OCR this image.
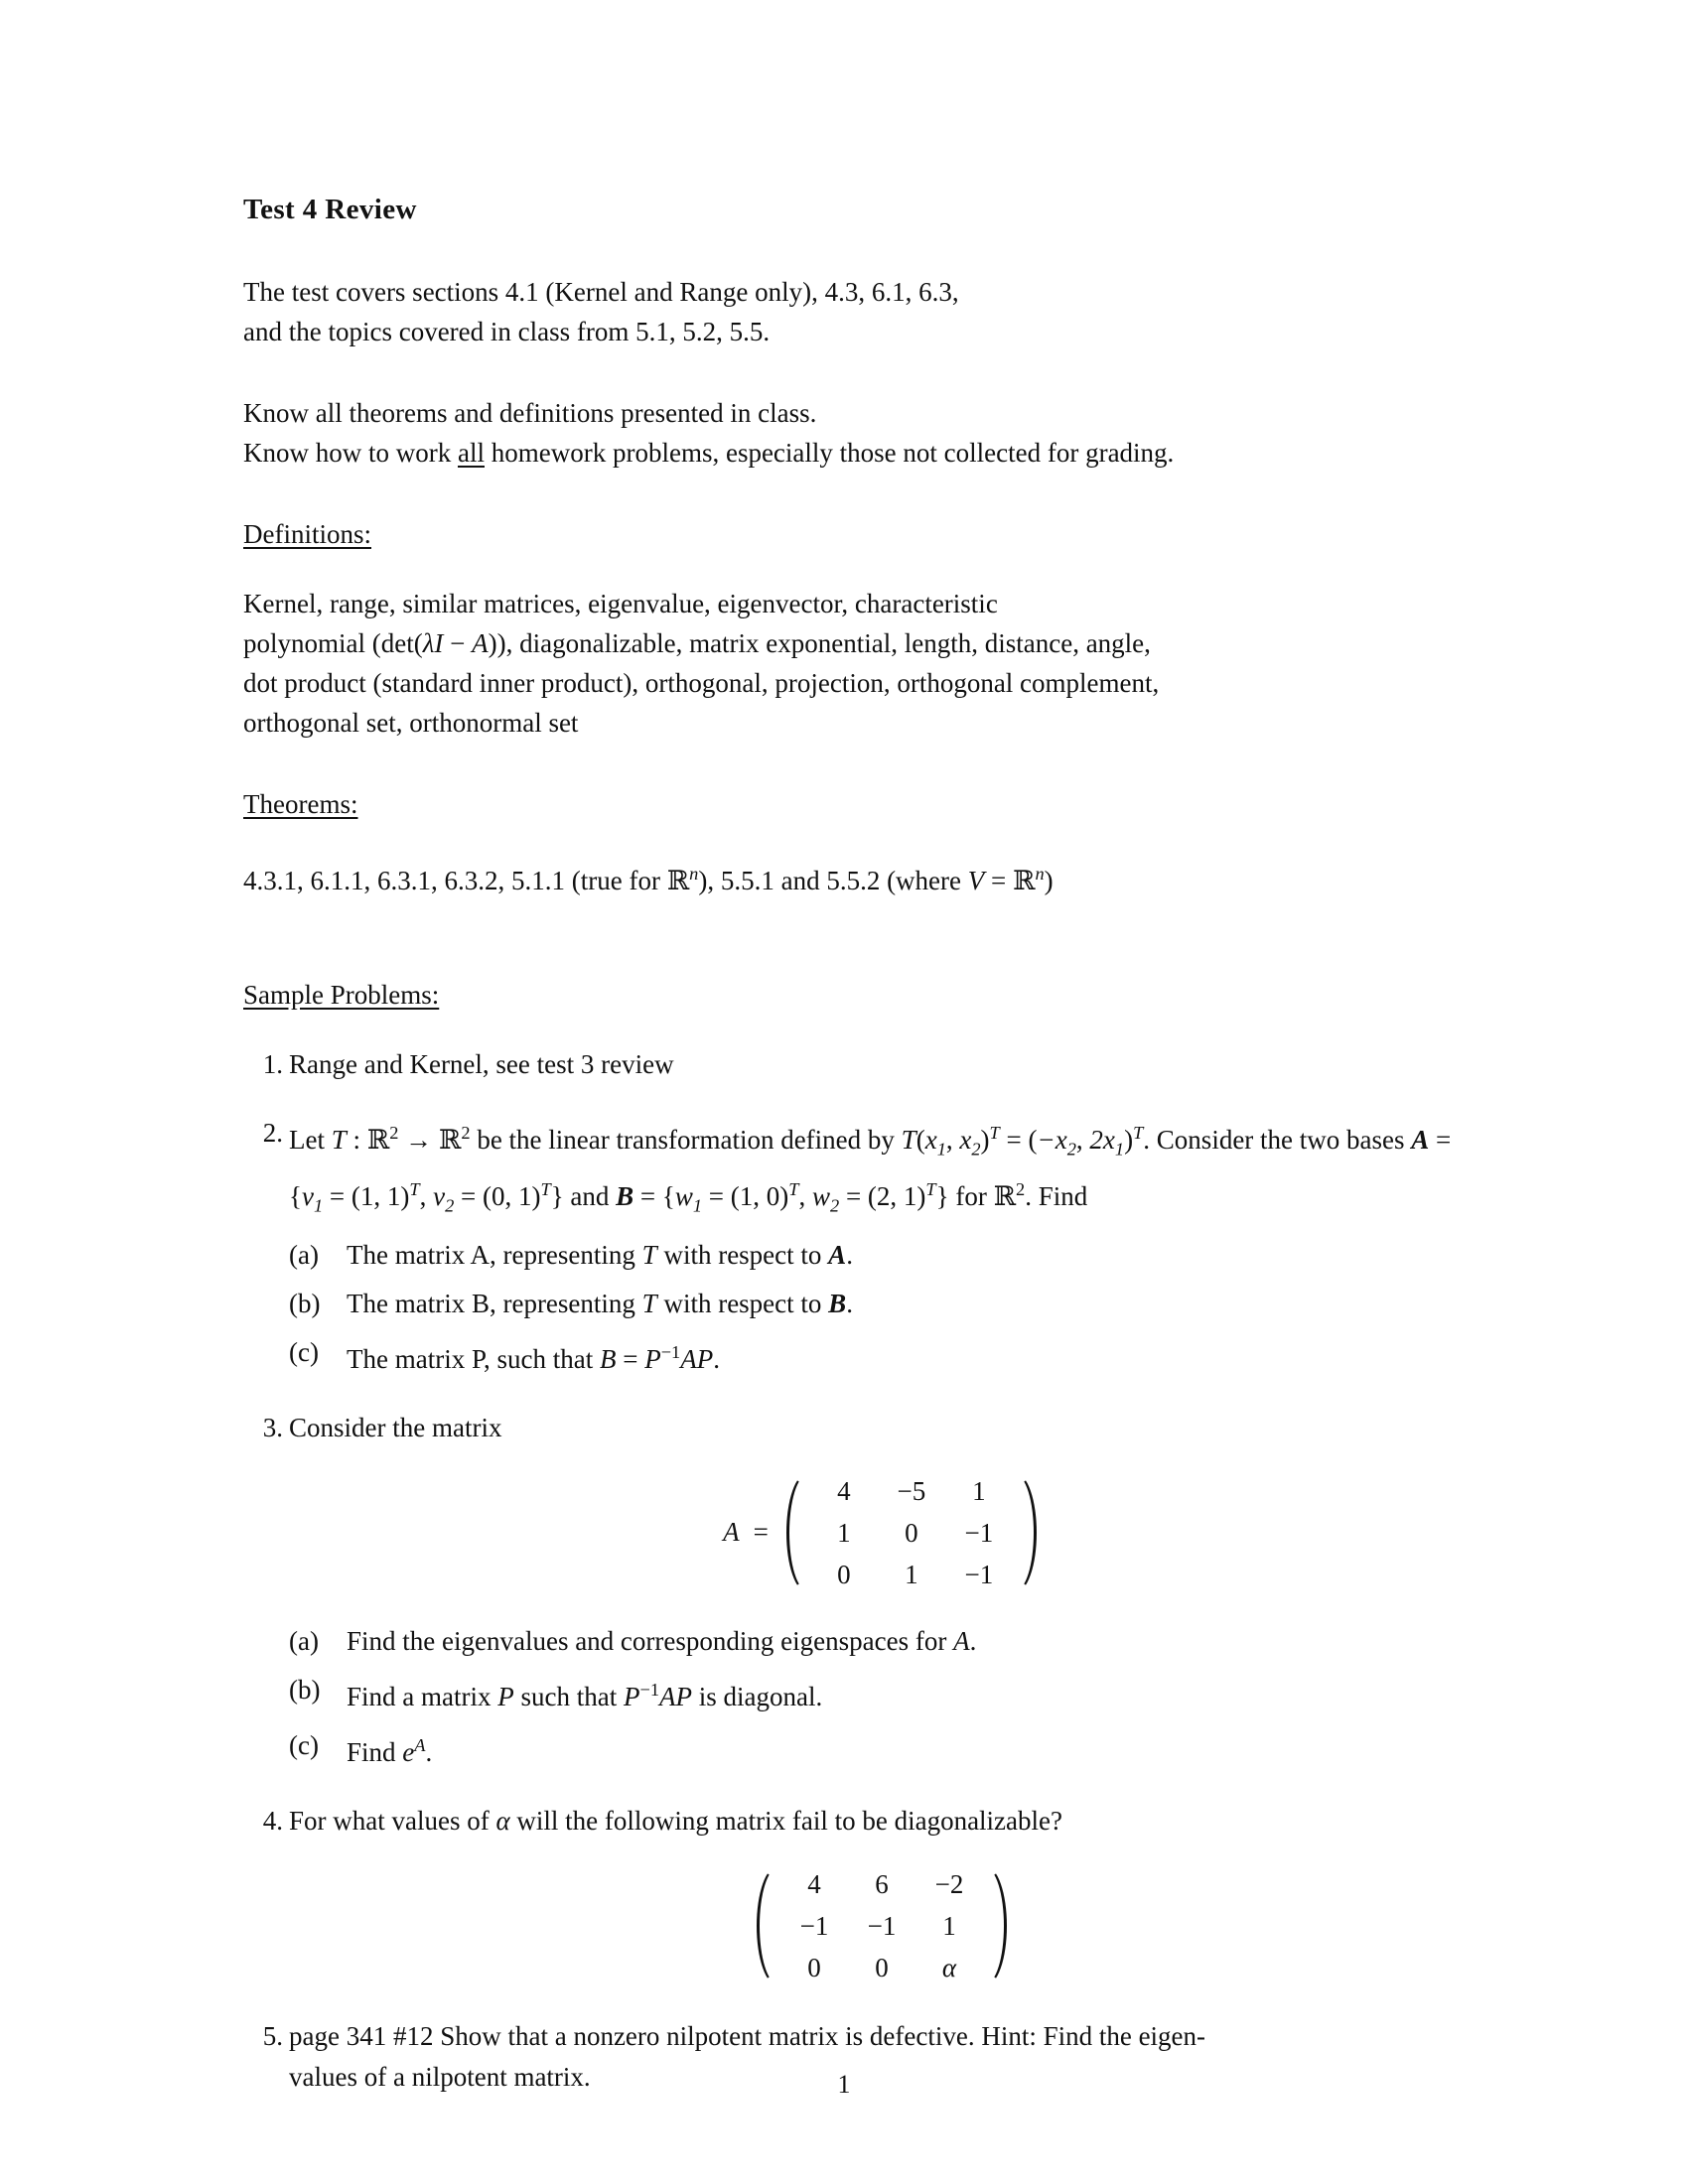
Test 4 Review

The test covers sections 4.1 (Kernel and Range only), 4.3, 6.1, 6.3,
and the topics covered in class from 5.1, 5.2, 5.5.

Know all theorems and definitions presented in class.
Know how to work all homework problems, especially those not collected for grading.

Definitions:

Kernel, range, similar matrices, eigenvalue, eigenvector, characteristic
polynomial (det(λI − A)), diagonalizable, matrix exponential, length, distance, angle,
dot product (standard inner product), orthogonal, projection, orthogonal complement,
orthogonal set, orthonormal set

Theorems:

4.3.1, 6.1.1, 6.3.1, 6.3.2, 5.1.1 (true for ℝ$^n$), 5.5.1 and 5.5.2 (where V = ℝ$^n$)

Sample Problems:

1. Range and Kernel, see test 3 review
2. Let T : ℝ$^2$ → ℝ$^2$ be the linear transformation defined by $T(x_1$, $x_2)^T = (-x_2$, $2x_1)^T$. Consider the two bases $A = \{v_1 = (1$, 1)$^T$, $v_2 = (0$, 1)$^T$} and $B = \{w_1 = (1$, 0)$^T$, $w_2 = (2$, 1)$^T$} for ℝ$^2$. Find
(a)	The matrix A, representing T with respect to A.
(b) The matrix B, representing T with respect to B.
(c)	The matrix P, such that $B = P^{-1}AP$.
3. Consider the matrix
A =
4	−5	1
1	0	−1
0	1	−1
(a)	Find the eigenvalues and corresponding eigenspaces for A.
(b) Find a matrix P such that $P^{-1}AP$ is diagonal.
(c)	Find $e^A$.
4. For what values of α will the following matrix fail to be diagonalizable?
4	6	−2
−1	−1	1
0	0	α
5. page 341 #12 Show that a nonzero nilpotent matrix is defective. Hint: Find the eigen-
values of a nilpotent matrix.	1
